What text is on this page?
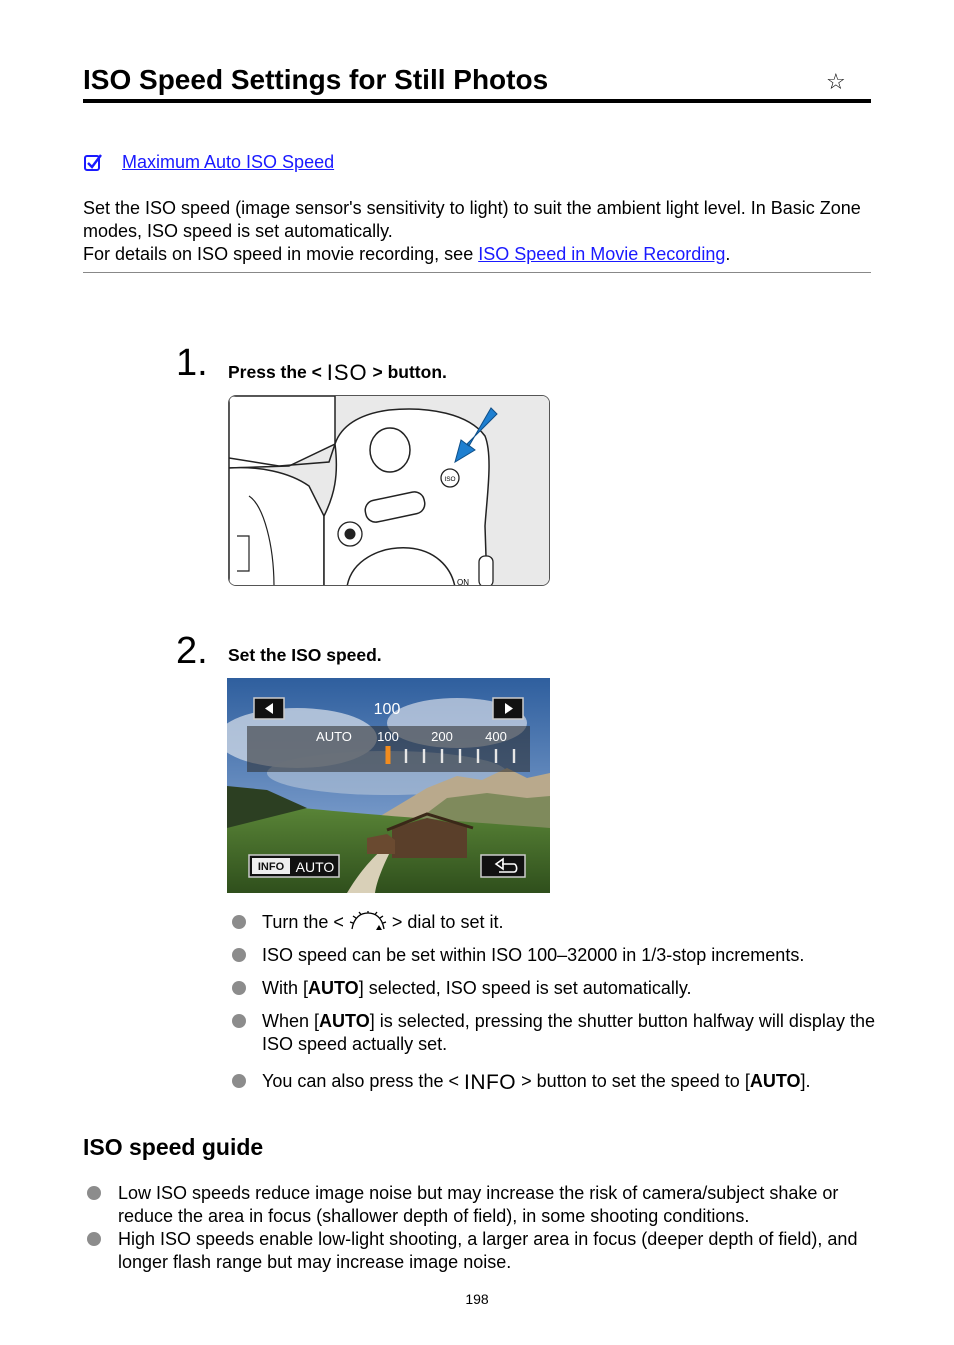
ISO Speed Settings for Still Photos	☆
Maximum Auto ISO Speed

Set the ISO speed (image sensor's sensitivity to light) to suit the ambient light level. In Basic Zone modes, ISO speed is set automatically.

For details on ISO speed in movie recording, see ISO Speed in Movie Recording.

1. Press the < ISO > button.
ISO
ON
2. Set the ISO speed.
100
AUTO 100 200 400
INFO AUTO
Turn the <  > dial to set it.
ISO speed can be set within ISO 100–32000 in 1/3-stop increments.
With [AUTO] selected, ISO speed is set automatically.
When [AUTO] is selected, pressing the shutter button halfway will display the ISO speed actually set.
You can also press the < INFO > button to set the speed to [AUTO].
ISO speed guide
Low ISO speeds reduce image noise but may increase the risk of camera/subject shake or reduce the area in focus (shallower depth of field), in some shooting conditions.
High ISO speeds enable low-light shooting, a larger area in focus (deeper depth of field), and longer flash range but may increase image noise.
198
